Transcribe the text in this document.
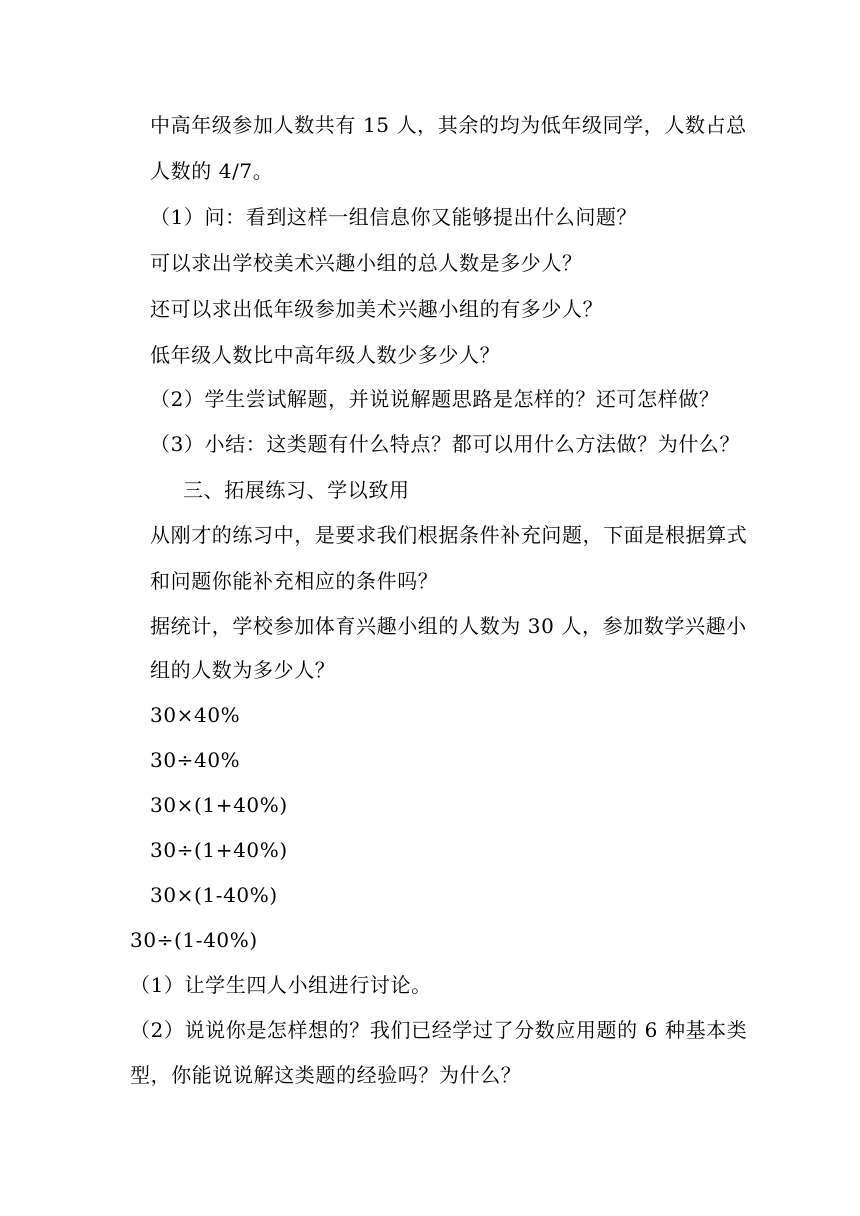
中高年级参加人数共有 15 人，其余的均为低年级同学，人数占总
人数的 4/7。
（1）问：看到这样一组信息你又能够提出什么问题？
可以求出学校美术兴趣小组的总人数是多少人？
还可以求出低年级参加美术兴趣小组的有多少人？
低年级人数比中高年级人数少多少人？
（2）学生尝试解题，并说说解题思路是怎样的？还可怎样做？
（3）小结：这类题有什么特点？都可以用什么方法做？为什么？
三、拓展练习、学以致用
从刚才的练习中，是要求我们根据条件补充问题，下面是根据算式
和问题你能补充相应的条件吗？
据统计，学校参加体育兴趣小组的人数为 30 人，参加数学兴趣小
组的人数为多少人？
30×40%
30÷40%
30×(1+40%)
30÷(1+40%)
30×(1-40%)
30÷(1-40%)
（1）让学生四人小组进行讨论。
（2）说说你是怎样想的？我们已经学过了分数应用题的 6 种基本类
型，你能说说解这类题的经验吗？为什么？
